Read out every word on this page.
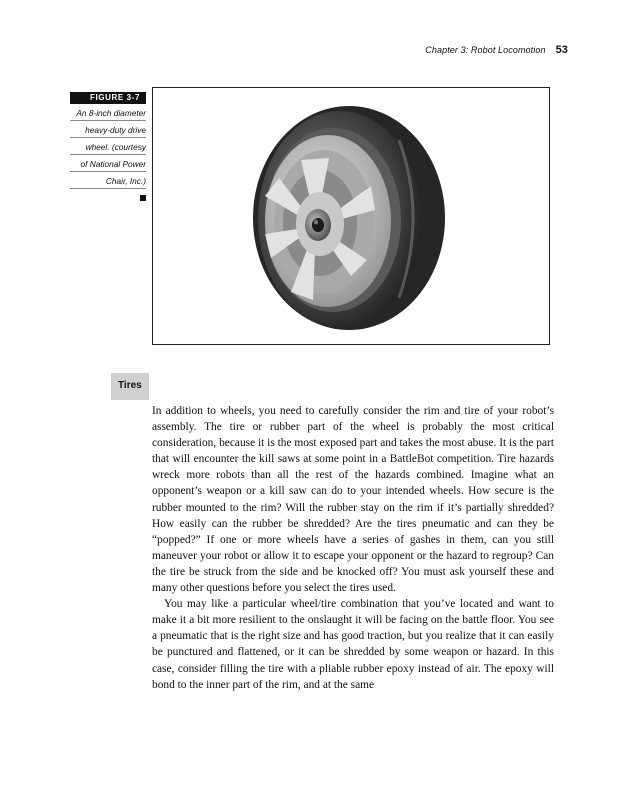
Chapter 3: Robot Locomotion 53
FIGURE 3-7
An 8-inch diameter
heavy-duty drive
wheel. (courtesy
of National Power
Chair, Inc.)
Tires

In addition to wheels, you need to carefully consider the rim and tire of your robot’s assembly. The tire or rubber part of the wheel is probably the most critical consideration, because it is the most exposed part and takes the most abuse. It is the part that will encounter the kill saws at some point in a BattleBot competition. Tire hazards wreck more robots than all the rest of the hazards combined. Imagine what an opponent’s weapon or a kill saw can do to your intended wheels. How secure is the rubber mounted to the rim? Will the rubber stay on the rim if it’s partially shredded? How easily can the rubber be shredded? Are the tires pneumatic and can they be “popped?” If one or more wheels have a series of gashes in them, can you still maneuver your robot or allow it to escape your opponent or the hazard to regroup? Can the tire be struck from the side and be knocked off? You must ask yourself these and many other questions before you select the tires used.

You may like a particular wheel/tire combination that you’ve located and want to make it a bit more resilient to the onslaught it will be facing on the battle floor. You see a pneumatic that is the right size and has good traction, but you realize that it can easily be punctured and flattened, or it can be shredded by some weapon or hazard. In this case, consider filling the tire with a pliable rubber epoxy instead of air. The epoxy will bond to the inner part of the rim, and at the same
